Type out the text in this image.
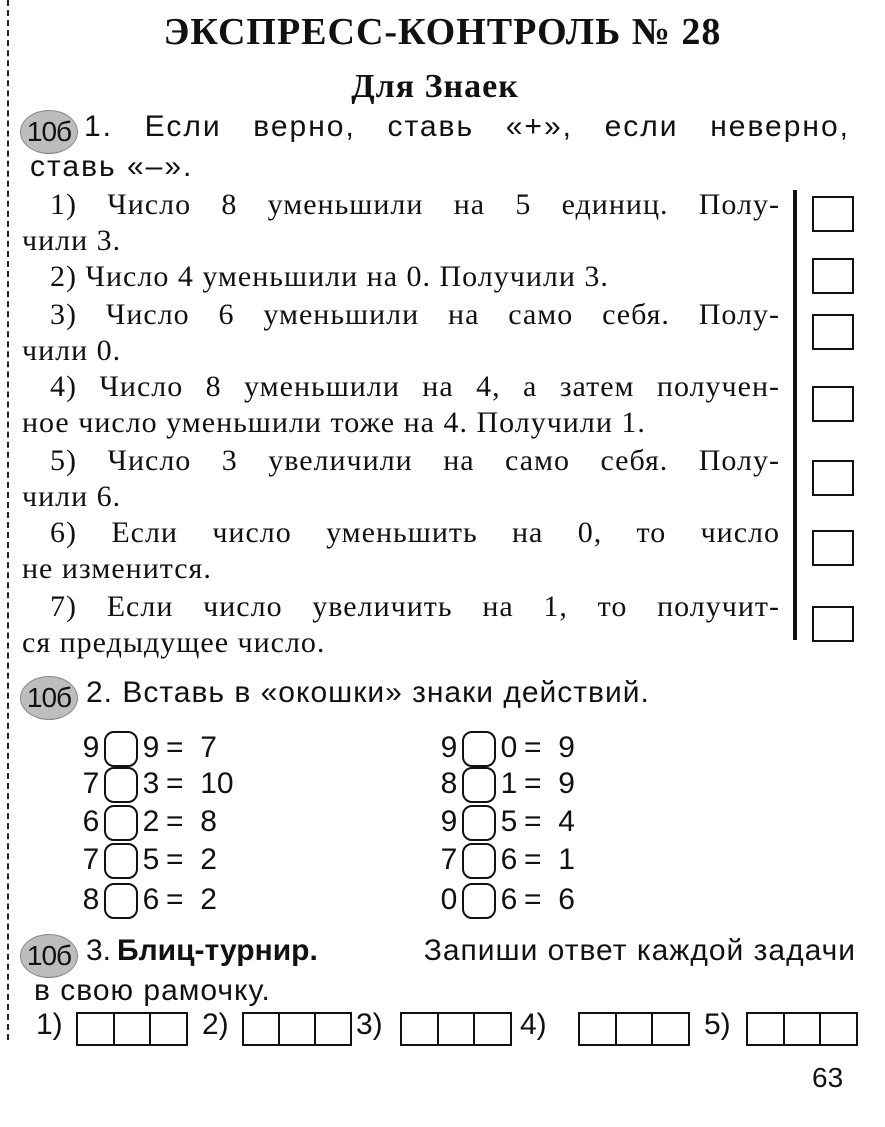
ЭКСПРЕСС-КОНТРОЛЬ № 28
Для Знаек
10б 1. Если верно, ставь «+», если неверно,
ставь «–».
1) Число 8 уменьшили на 5 единиц. Полу-
чили 3.
2) Число 4 уменьшили на 0. Получили 3.
3) Число 6 уменьшили на само себя. Полу-
чили 0.
4) Число 8 уменьшили на 4, а затем получен-
ное число уменьшили тоже на 4. Получили 1.
5) Число 3 увеличили на само себя. Полу-
чили 6.
6) Если число уменьшить на 0, то число
не изменится.
7) Если число увеличить на 1, то получит-
ся предыдущее число.
10б 2. Вставь в «окошки» знаки действий.
9 9 =  7
7 3 =  10
6 2 =  8
7 5 =  2
8 6 =  2
9 0 =  9
8 1 =  9
9 5 =  4
7 6 =  1
0 6 =  6
10б 3. Блиц-турнир.	Запиши ответ каждой задачи
в свою рамочку.
1)	2)	3)	4)	5)
63
